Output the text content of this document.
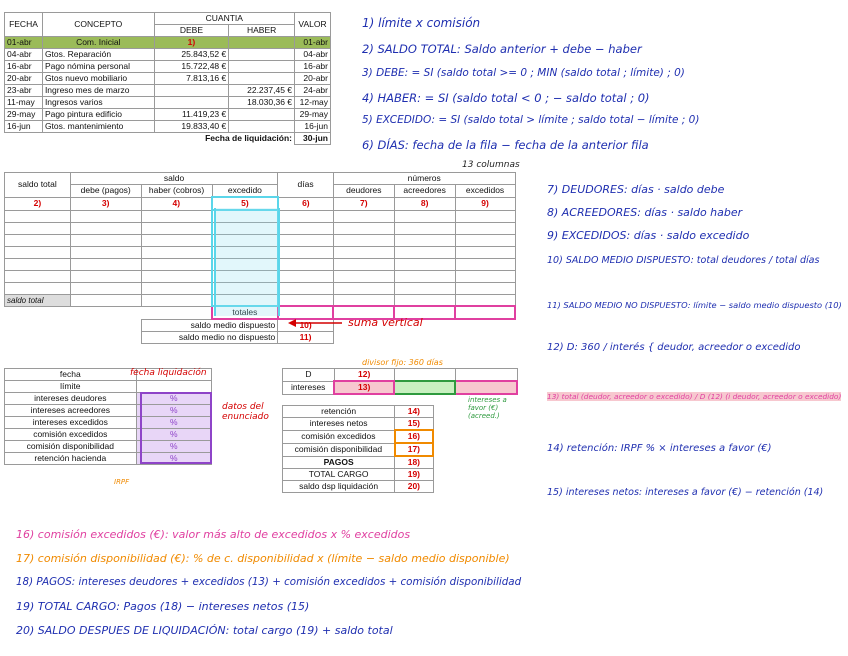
FECHA	CONCEPTO	CUANTIA		VALOR
		DEBE	HABER	
01-abr	Com. Inicial	1)		01-abr
04-abr	Gtos. Reparación	25.843,52 €		04-abr
16-abr	Pago nómina personal	15.722,48 €		16-abr
20-abr	Gtos nuevo mobiliario	7.813,16 €		20-abr
23-abr	Ingreso mes de marzo		22.237,45 €	24-abr
11-may	Ingresos varios		18.030,36 €	12-may
29-may	Pago pintura edificio	11.419,23 €		29-may
16-jun	Gtos. mantenimiento	19.833,40 €		16-jun
Fecha de liquidación:				30-jun
1) límite x comisión
2) SALDO TOTAL: Saldo anterior + debe − haber
3) DEBE: = SI (saldo total >= 0 ; MIN (saldo total ; límite) ; 0)
4) HABER: = SI (saldo total < 0 ; − saldo total ; 0)
5) EXCEDIDO: = SI (saldo total > límite ; saldo total − límite ; 0)
6) DÍAS: fecha de la fila − fecha de la anterior fila
13 columnas
saldo total	saldo			días	números		
	debe (pagos)	haber (cobros)	excedido		deudores	acreedores	excedidos
2)	3)	4)	5)	6)	7)	8)	9)

saldo total							
			totales				
		saldo medio dispuesto		10)			
		saldo medio no dispuesto		11)			
suma vertical
7) DEUDORES: días · saldo debe
8) ACREEDORES: días · saldo haber
9) EXCEDIDOS: días · saldo excedido
10) SALDO MEDIO DISPUESTO: total deudores / total días
11) SALDO MEDIO NO DISPUESTO: límite − saldo medio dispuesto (10)
12) D: 360 / interés { deudor, acreedor o excedido
13) total (deudor, acreedor o excedido) / D (12) (i deudor, acreedor o excedido)
14) retención: IRPF % × intereses a favor (€)
15) intereses netos: intereses a favor (€) − retención (14)
fecha	
límite	
intereses deudores	%
intereses acreedores	%
intereses excedidos	%
comisión excedidos	%
comisión disponibilidad	%
retención hacienda	%
fecha liquidación
datos del enunciado
IRPF
D	12)		
intereses	13)		
divisor fijo: 360 días
intereses a favor (€) (acreed.)
retención	14)
intereses netos	15)
comisión excedidos	16)
comisión disponibilidad	17)
PAGOS	18)
TOTAL CARGO	19)
saldo dsp liquidación	20)
16) comisión excedidos (€): valor más alto de excedidos x % excedidos
17) comisión disponibilidad (€): % de c. disponibilidad x (límite − saldo medio disponible)
18) PAGOS: intereses deudores + excedidos (13) + comisión excedidos + comisión disponibilidad
19) TOTAL CARGO: Pagos (18) − intereses netos (15)
20) SALDO DESPUES DE LIQUIDACIÓN: total cargo (19) + saldo total
